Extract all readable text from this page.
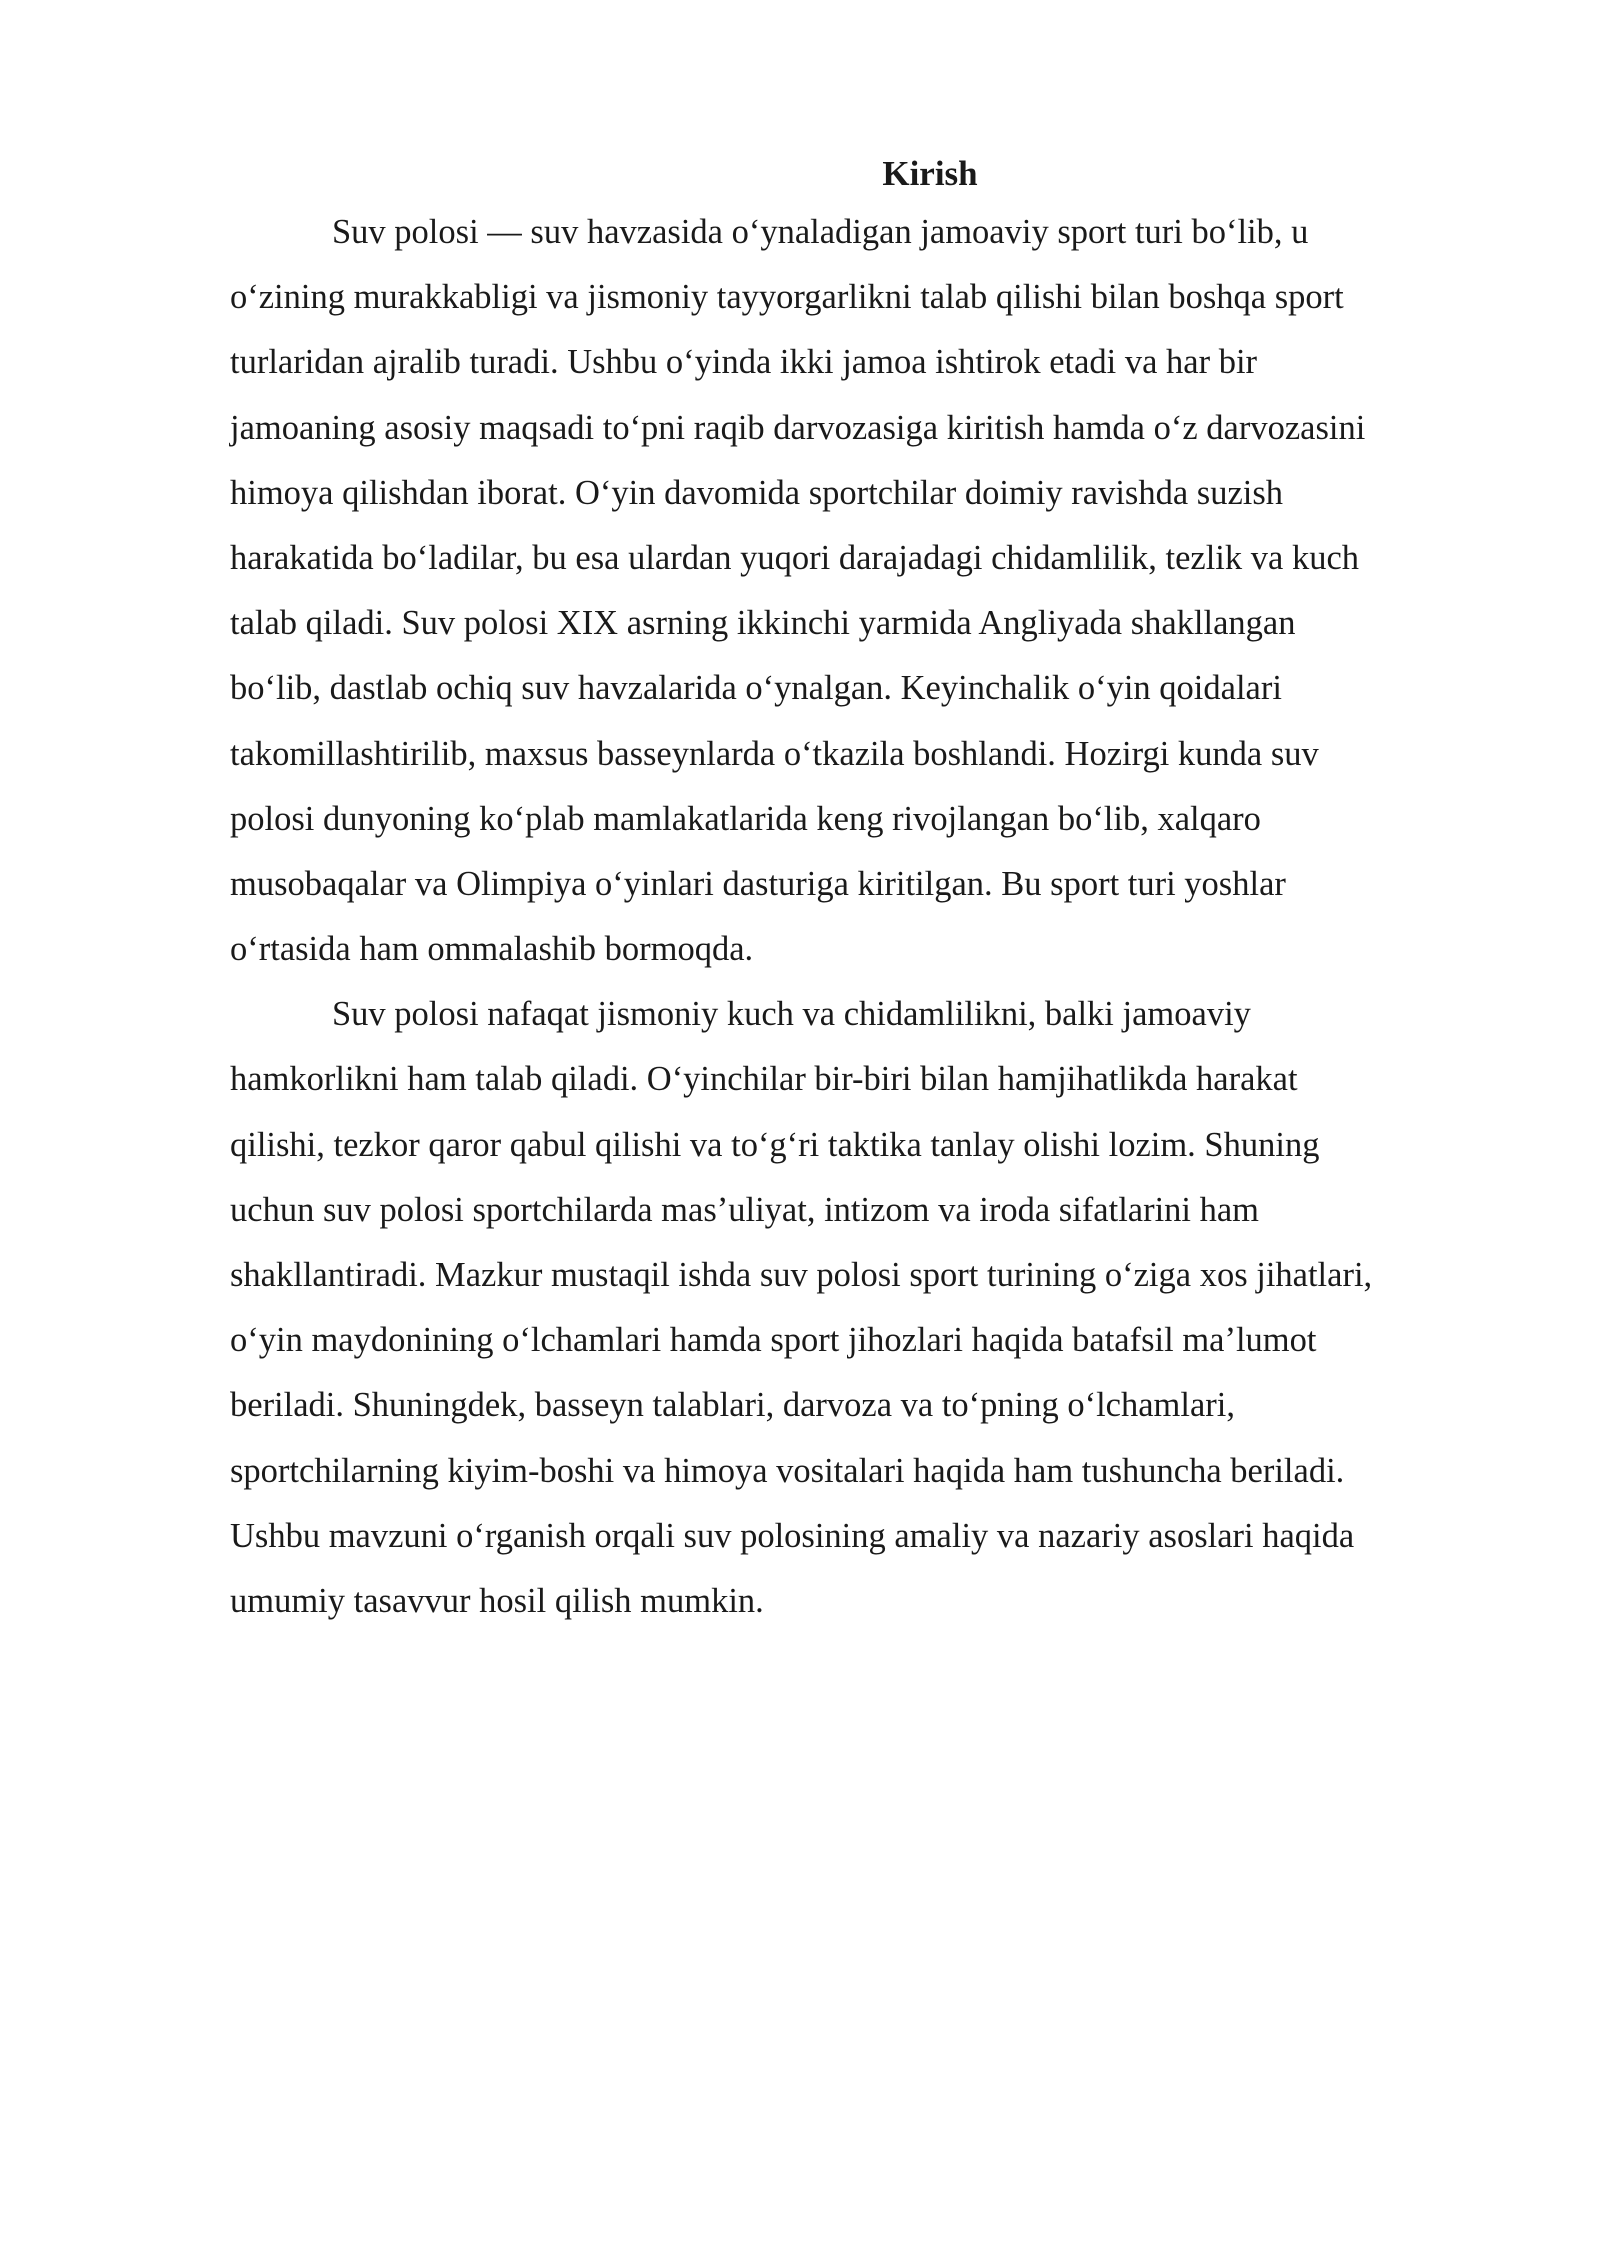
Kirish

Suv polosi — suv havzasida oʻynaladigan jamoaviy sport turi boʻlib, u
oʻzining murakkabligi va jismoniy tayyorgarlikni talab qilishi bilan boshqa sport
turlaridan ajralib turadi. Ushbu oʻyinda ikki jamoa ishtirok etadi va har bir
jamoaning asosiy maqsadi toʻpni raqib darvozasiga kiritish hamda oʻz darvozasini
himoya qilishdan iborat. Oʻyin davomida sportchilar doimiy ravishda suzish
harakatida boʻladilar, bu esa ulardan yuqori darajadagi chidamlilik, tezlik va kuch
talab qiladi. Suv polosi XIX asrning ikkinchi yarmida Angliyada shakllangan
boʻlib, dastlab ochiq suv havzalarida oʻynalgan. Keyinchalik oʻyin qoidalari
takomillashtirilib, maxsus basseynlarda oʻtkazila boshlandi. Hozirgi kunda suv
polosi dunyoning koʻplab mamlakatlarida keng rivojlangan boʻlib, xalqaro
musobaqalar va Olimpiya oʻyinlari dasturiga kiritilgan. Bu sport turi yoshlar
oʻrtasida ham ommalashib bormoqda.

Suv polosi nafaqat jismoniy kuch va chidamlilikni, balki jamoaviy
hamkorlikni ham talab qiladi. Oʻyinchilar bir-biri bilan hamjihatlikda harakat
qilishi, tezkor qaror qabul qilishi va toʻgʻri taktika tanlay olishi lozim. Shuning
uchun suv polosi sportchilarda masʼuliyat, intizom va iroda sifatlarini ham
shakllantiradi. Mazkur mustaqil ishda suv polosi sport turining oʻziga xos jihatlari,
oʻyin maydonining oʻlchamlari hamda sport jihozlari haqida batafsil maʼlumot
beriladi. Shuningdek, basseyn talablari, darvoza va toʻpning oʻlchamlari,
sportchilarning kiyim-boshi va himoya vositalari haqida ham tushuncha beriladi.
Ushbu mavzuni oʻrganish orqali suv polosining amaliy va nazariy asoslari haqida
umumiy tasavvur hosil qilish mumkin.
